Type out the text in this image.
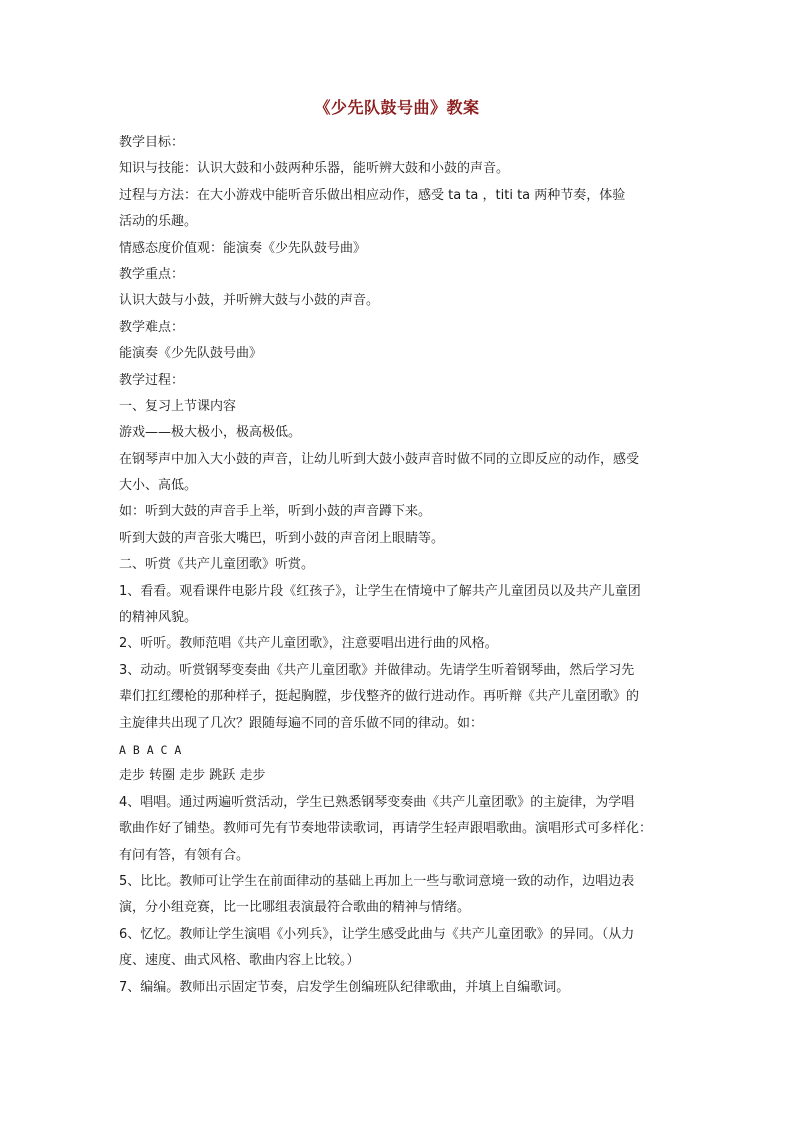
《少先队鼓号曲》教案
教学目标：
知识与技能：认识大鼓和小鼓两种乐器，能听辨大鼓和小鼓的声音。
过程与方法：在大小游戏中能听音乐做出相应动作，感受 ta ta ，titi ta 两种节奏，体验
活动的乐趣。
情感态度价值观：能演奏《少先队鼓号曲》
教学重点：
认识大鼓与小鼓，并听辨大鼓与小鼓的声音。
教学难点：
能演奏《少先队鼓号曲》
教学过程：
一、复习上节课内容
游戏——极大极小，极高极低。
在钢琴声中加入大小鼓的声音，让幼儿听到大鼓小鼓声音时做不同的立即反应的动作，感受
大小、高低。
如：听到大鼓的声音手上举，听到小鼓的声音蹲下来。
听到大鼓的声音张大嘴巴，听到小鼓的声音闭上眼睛等。
二、听赏《共产儿童团歌》听赏。
1、看看。观看课件电影片段《红孩子》，让学生在情境中了解共产儿童团员以及共产儿童团
的精神风貌。
2、听听。教师范唱《共产儿童团歌》，注意要唱出进行曲的风格。
3、动动。听赏钢琴变奏曲《共产儿童团歌》并做律动。先请学生听着钢琴曲，然后学习先
辈们扛红缨枪的那种样子，挺起胸膛，步伐整齐的做行进动作。再听辩《共产儿童团歌》的
主旋律共出现了几次？跟随每遍不同的音乐做不同的律动。如：
A B A C A
走步 转圈 走步 跳跃 走步
4、唱唱。通过两遍听赏活动，学生已熟悉钢琴变奏曲《共产儿童团歌》的主旋律，为学唱
歌曲作好了铺垫。教师可先有节奏地带读歌词，再请学生轻声跟唱歌曲。演唱形式可多样化：
有问有答，有领有合。
5、比比。教师可让学生在前面律动的基础上再加上一些与歌词意境一致的动作，边唱边表
演，分小组竞赛，比一比哪组表演最符合歌曲的精神与情绪。
6、忆忆。教师让学生演唱《小列兵》，让学生感受此曲与《共产儿童团歌》的异同。（从力
度、速度、曲式风格、歌曲内容上比较。）
7、编编。教师出示固定节奏，启发学生创编班队纪律歌曲，并填上自编歌词。
